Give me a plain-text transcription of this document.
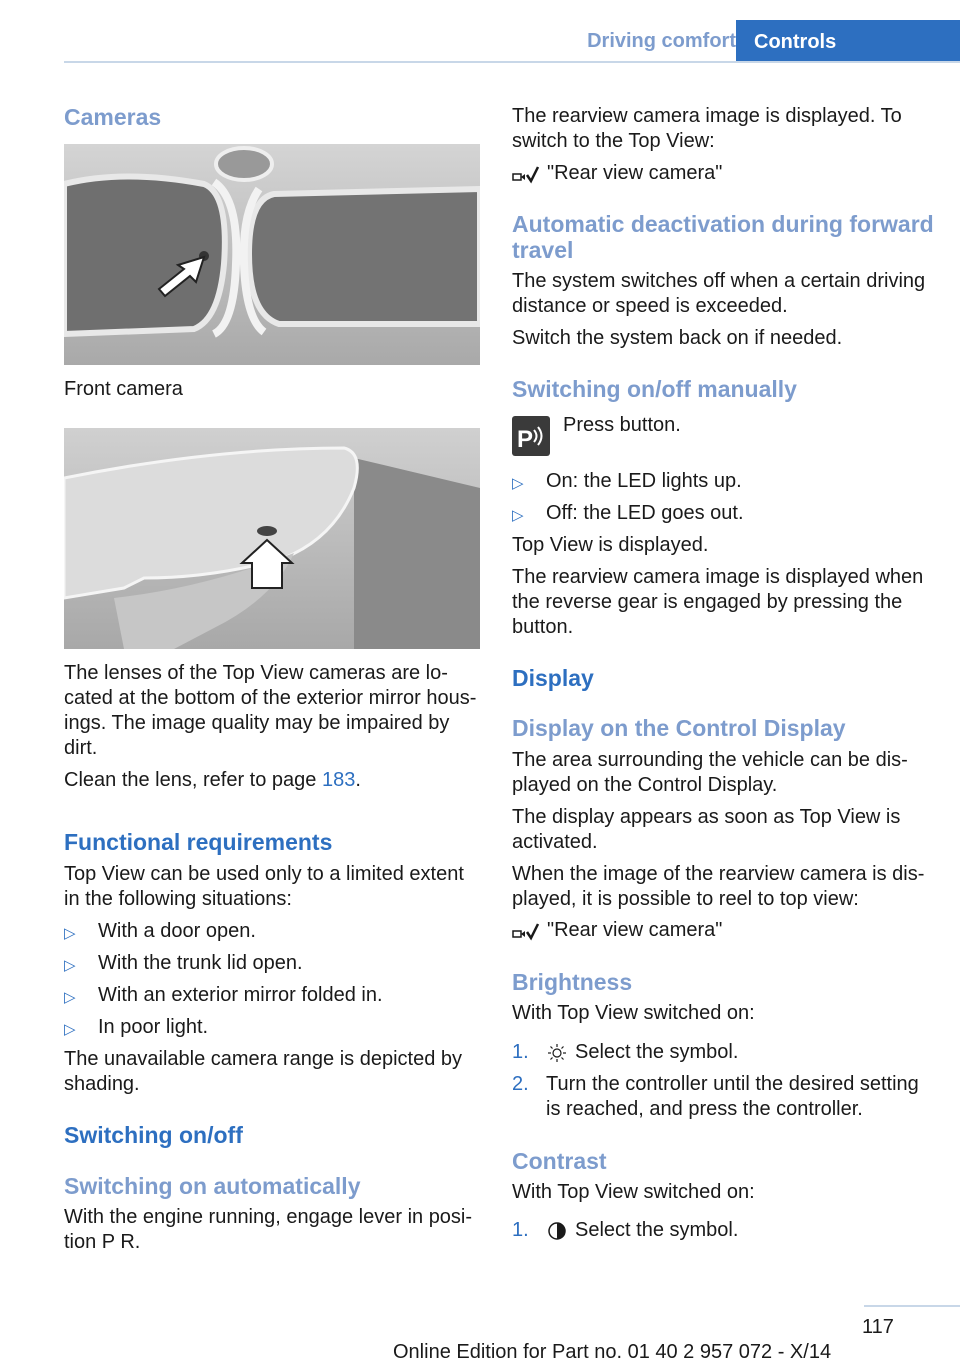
Driving comfort Controls
Cameras
Front camera
The lenses of the Top View cameras are lo‐
cated at the bottom of the exterior mirror hous‐
ings. The image quality may be impaired by
dirt.
Clean the lens, refer to page 183.
Functional requirements
Top View can be used only to a limited extent
in the following situations:
▷ With a door open.
▷ With the trunk lid open.
▷ With an exterior mirror folded in.
▷ In poor light.
The unavailable camera range is depicted by
shading.
Switching on/off
Switching on automatically
With the engine running, engage lever in posi‐
tion P R.
The rearview camera image is displayed. To
switch to the Top View:
"Rear view camera"
Automatic deactivation during forward
travel
The system switches off when a certain driving
distance or speed is exceeded.
Switch the system back on if needed.
Switching on/off manually
P
Press button.
▷ On: the LED lights up.
▷ Off: the LED goes out.
Top View is displayed.
The rearview camera image is displayed when
the reverse gear is engaged by pressing the
button.
Display
Display on the Control Display
The area surrounding the vehicle can be dis‐
played on the Control Display.
The display appears as soon as Top View is
activated.
When the image of the rearview camera is dis‐
played, it is possible to reel to top view:
"Rear view camera"
Brightness
With Top View switched on:
1. Select the symbol.
2. Turn the controller until the desired setting
is reached, and press the controller.
Contrast
With Top View switched on:
1. Select the symbol.
117
Online Edition for Part no. 01 40 2 957 072 - X/14
